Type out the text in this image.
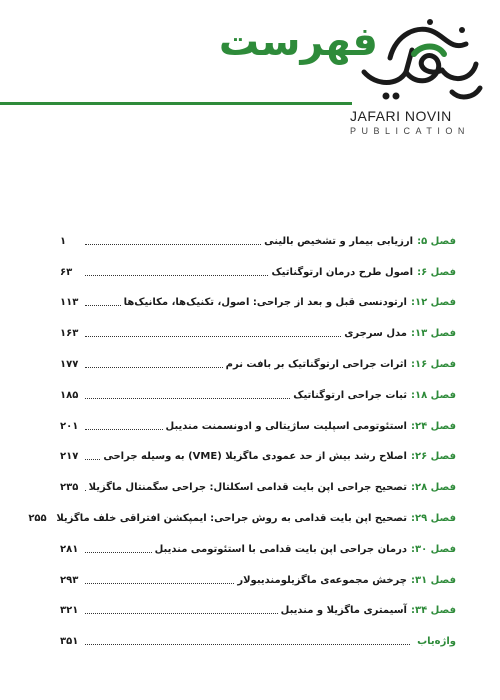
فهرست
JAFARI NOVIN
PUBLICATION
فصل ۵:
ارزیابی بیمار و تشخیص بالینی
۱
فصل ۶:
اصول طرح درمان ارتوگناتیک
۶۳
فصل ۱۲:
ارتودنسی قبل و بعد از جراحی: اصول، تکنیک‌ها، مکانیک‌ها
۱۱۳
فصل ۱۳:
مدل سرجری
۱۶۳
فصل ۱۶:
اثرات جراحی ارتوگناتیک بر بافت نرم
۱۷۷
فصل ۱۸:
ثبات جراحی ارتوگناتیک
۱۸۵
فصل ۲۴:
استئوتومی اسپلیت ساژیتالی و ادونسمنت منديبل
۲۰۱
فصل ۲۶:
اصلاح رشد بیش از حد عمودی ماگزیلا (VME) به وسیله جراحی
۲۱۷
فصل ۲۸:
تصحیح جراحی اپن بایت قدامی اسکلتال: جراحی سگمنتال ماگزیلا
۲۳۵
فصل ۲۹:
تصحیح اپن بایت قدامی به روش جراحی: ایمپکشن افتراقی خلف ماگزیلا
۲۵۵
فصل ۳۰:
درمان جراحی اپن بایت قدامی با استئوتومی منديبل
۲۸۱
فصل ۳۱:
چرخش مجموعه‌ی ماگزیلومندیبولار
۲۹۳
فصل ۳۴:
آسیمتری ماگزیلا و منديبل
۳۲۱
واژه‌یاب
۳۵۱
